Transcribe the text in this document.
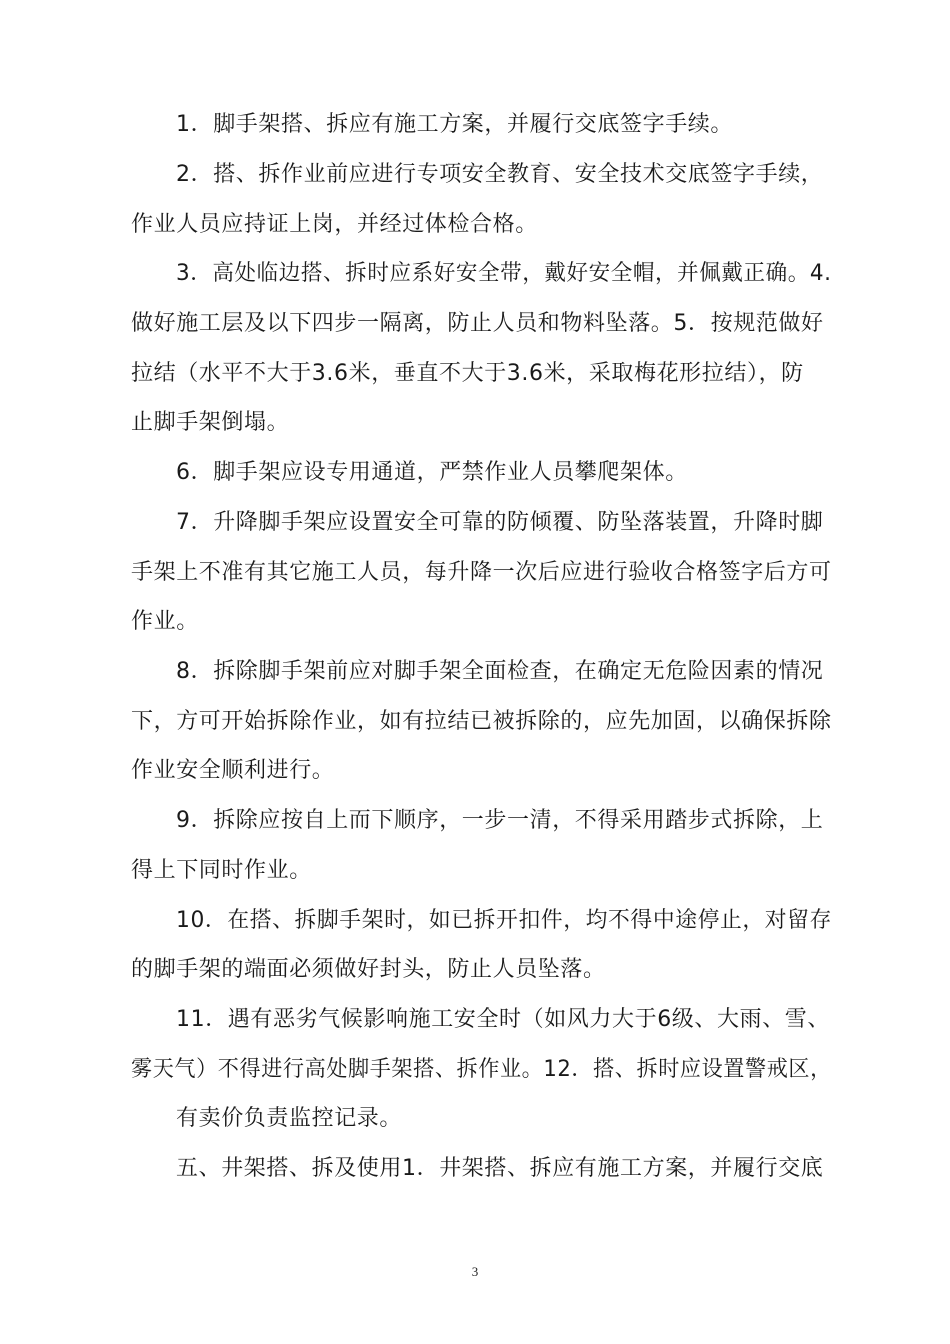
1．脚手架搭、拆应有施工方案，并履行交底签字手续。
2．搭、拆作业前应进行专项安全教育、安全技术交底签字手续，
作业人员应持证上岗，并经过体检合格。
3．高处临边搭、拆时应系好安全带，戴好安全帽，并佩戴正确。4.
做好施工层及以下四步一隔离，防止人员和物料坠落。5．按规范做好
拉结（水平不大于3.6米，垂直不大于3.6米，采取梅花形拉结），防
止脚手架倒塌。
6．脚手架应设专用通道，严禁作业人员攀爬架体。
7．升降脚手架应设置安全可靠的防倾覆、防坠落装置，升降时脚
手架上不准有其它施工人员，每升降一次后应进行验收合格签字后方可
作业。
8．拆除脚手架前应对脚手架全面检查，在确定无危险因素的情况
下，方可开始拆除作业，如有拉结已被拆除的，应先加固，以确保拆除
作业安全顺利进行。
9．拆除应按自上而下顺序，一步一清，不得采用踏步式拆除，上
得上下同时作业。
10．在搭、拆脚手架时，如已拆开扣件，均不得中途停止，对留存
的脚手架的端面必须做好封头，防止人员坠落。
11．遇有恶劣气候影响施工安全时（如风力大于6级、大雨、雪、
雾天气）不得进行高处脚手架搭、拆作业。12．搭、拆时应设置警戒区，
有卖价负责监控记录。
五、井架搭、拆及使用1．井架搭、拆应有施工方案，并履行交底
3
